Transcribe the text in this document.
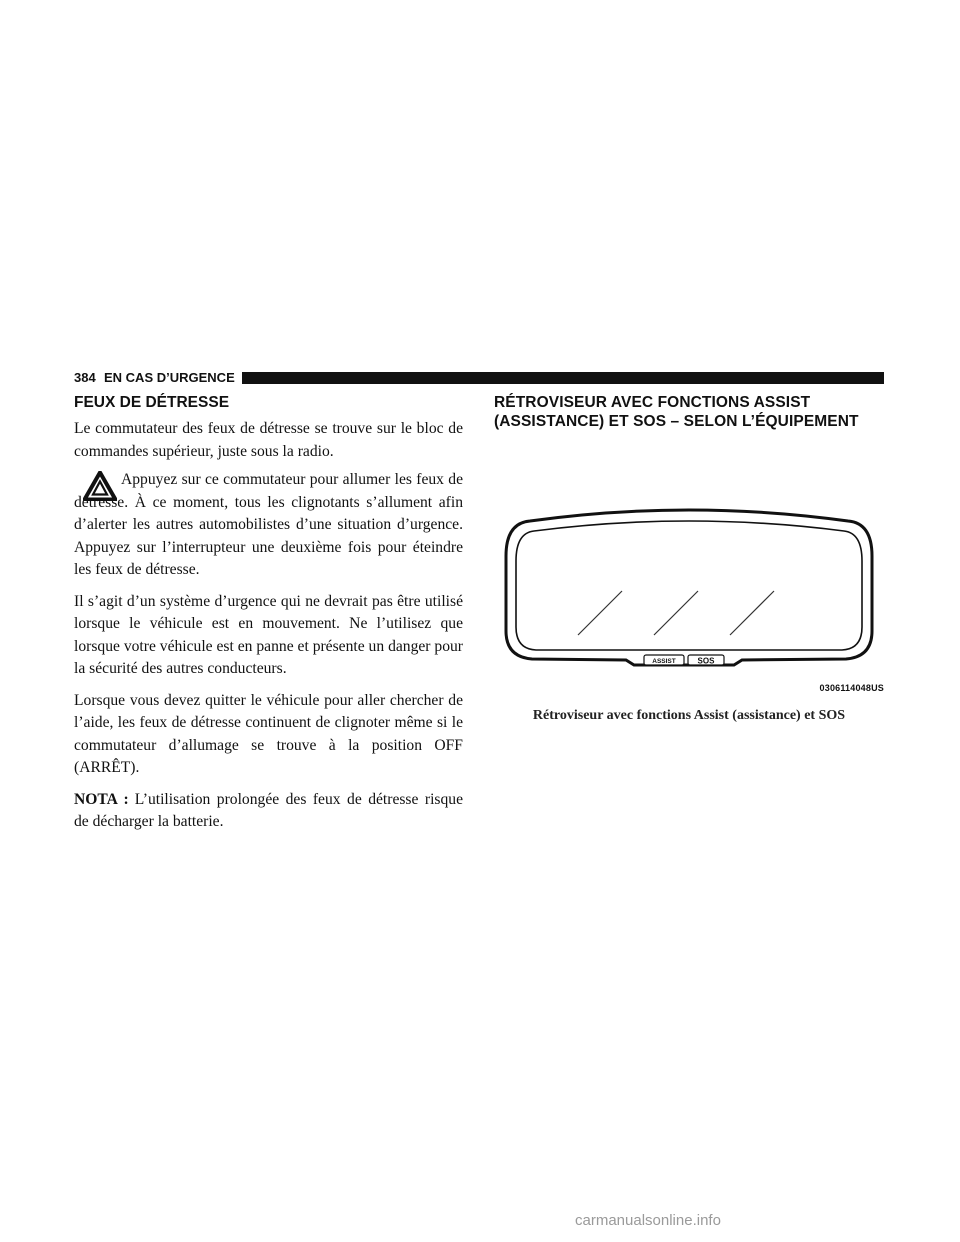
384 EN CAS D’URGENCE
FEUX DE DÉTRESSE

Le commutateur des feux de détresse se trouve sur le bloc de commandes supérieur, juste sous la radio.

Appuyez sur ce commutateur pour allumer les feux de détresse. À ce moment, tous les clignotants s’allument afin d’alerter les autres automobilistes d’une situation d’urgence. Appuyez sur l’interrupteur une deuxième fois pour éteindre les feux de détresse.

Il s’agit d’un système d’urgence qui ne devrait pas être utilisé lorsque le véhicule est en mouvement. Ne l’utilisez que lorsque votre véhicule est en panne et présente un danger pour la sécurité des autres conducteurs.

Lorsque vous devez quitter le véhicule pour aller chercher de l’aide, les feux de détresse continuent de clignoter même si le commutateur d’allumage se trouve à la position OFF (ARRÊT).

NOTA : L’utilisation prolongée des feux de détresse risque de décharger la batterie.

RÉTROVISEUR AVEC FONCTIONS ASSIST
(ASSISTANCE) ET SOS – SELON L’ÉQUIPEMENT
ASSIST	SOS
0306114048US
Rétroviseur avec fonctions Assist (assistance) et SOS
carmanualsonline.info
